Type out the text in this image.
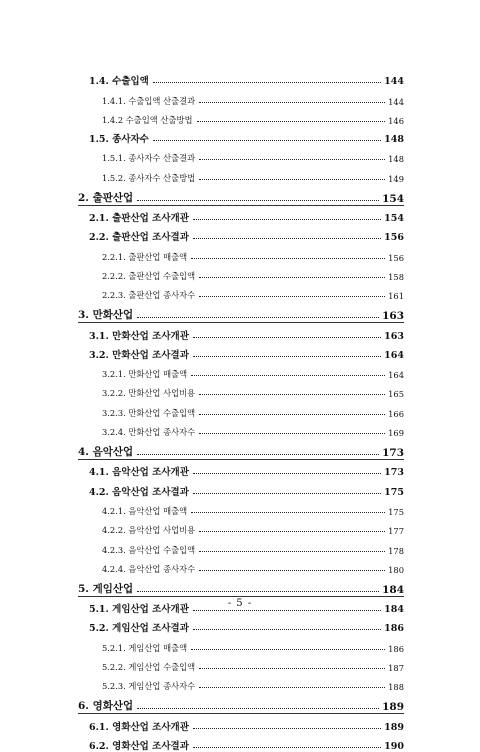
1.4. 수출입액	144
1.4.1. 수출입액 산출결과	144
1.4.2 수출입액 산출방법	146
1.5. 종사자수	148
1.5.1. 종사자수 산출결과	148
1.5.2. 종사자수 산출방법	149
2. 출판산업	154
2.1. 출판산업 조사개관	154
2.2. 출판산업 조사결과	156
2.2.1. 출판산업 매출액	156
2.2.2. 출판산업 수출입액	158
2.2.3. 출판산업 종사자수	161
3. 만화산업	163
3.1. 만화산업 조사개관	163
3.2. 만화산업 조사결과	164
3.2.1. 만화산업 매출액	164
3.2.2. 만화산업 사업비용	165
3.2.3. 만화산업 수출입액	166
3.2.4. 만화산업 종사자수	169
4. 음악산업	173
4.1. 음악산업 조사개관	173
4.2. 음악산업 조사결과	175
4.2.1. 음악산업 매출액	175
4.2.2. 음악산업 사업비용	177
4.2.3. 음악산업 수출입액	178
4.2.4. 음악산업 종사자수	180
5. 게임산업	184
5.1. 게임산업 조사개관	184
5.2. 게임산업 조사결과	186
5.2.1. 게임산업 매출액	186
5.2.2. 게임산업 수출입액	187
5.2.3. 게임산업 종사자수	188
6. 영화산업	189
6.1. 영화산업 조사개관	189
6.2. 영화산업 조사결과	190
- 5 -
